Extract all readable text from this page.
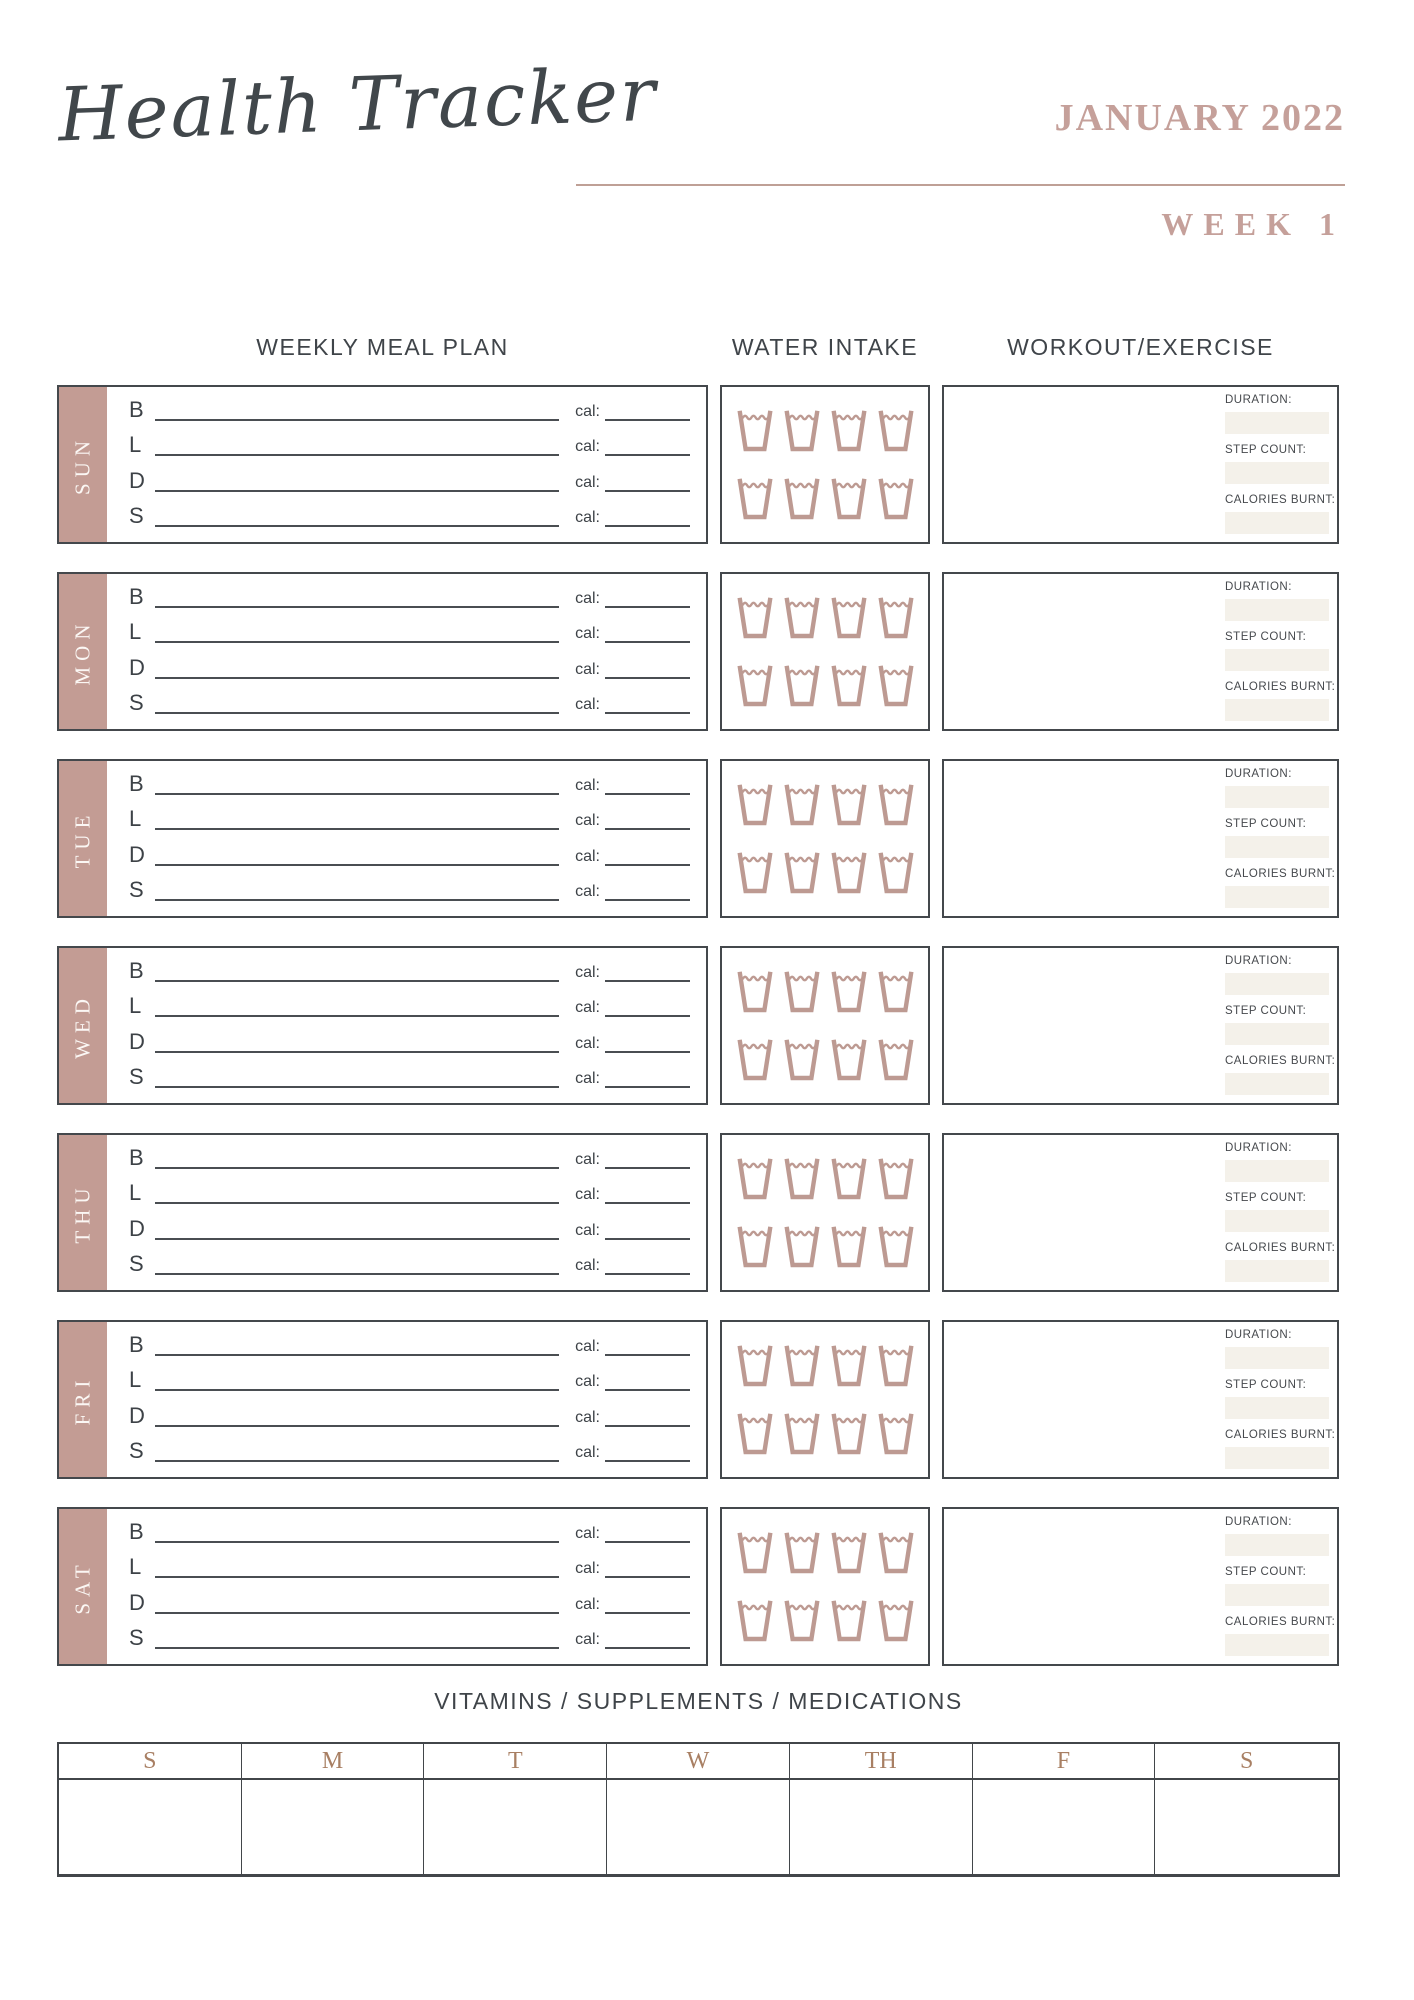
Health Tracker	JANUARY 2022
WEEK 1
WEEKLY MEAL PLAN	WATER INTAKE	WORKOUT/EXERCISE
SUN
B	cal:
L	cal:
D	cal:
S	cal:
DURATION:
STEP COUNT:
CALORIES BURNT:
MON
B	cal:
L	cal:
D	cal:
S	cal:
DURATION:
STEP COUNT:
CALORIES BURNT:
TUE
B	cal:
L	cal:
D	cal:
S	cal:
DURATION:
STEP COUNT:
CALORIES BURNT:
WED
B	cal:
L	cal:
D	cal:
S	cal:
DURATION:
STEP COUNT:
CALORIES BURNT:
THU
B	cal:
L	cal:
D	cal:
S	cal:
DURATION:
STEP COUNT:
CALORIES BURNT:
FRI
B	cal:
L	cal:
D	cal:
S	cal:
DURATION:
STEP COUNT:
CALORIES BURNT:
SAT
B	cal:
L	cal:
D	cal:
S	cal:
DURATION:
STEP COUNT:
CALORIES BURNT:
VITAMINS / SUPPLEMENTS / MEDICATIONS
S	M	T	W	TH	F	S
